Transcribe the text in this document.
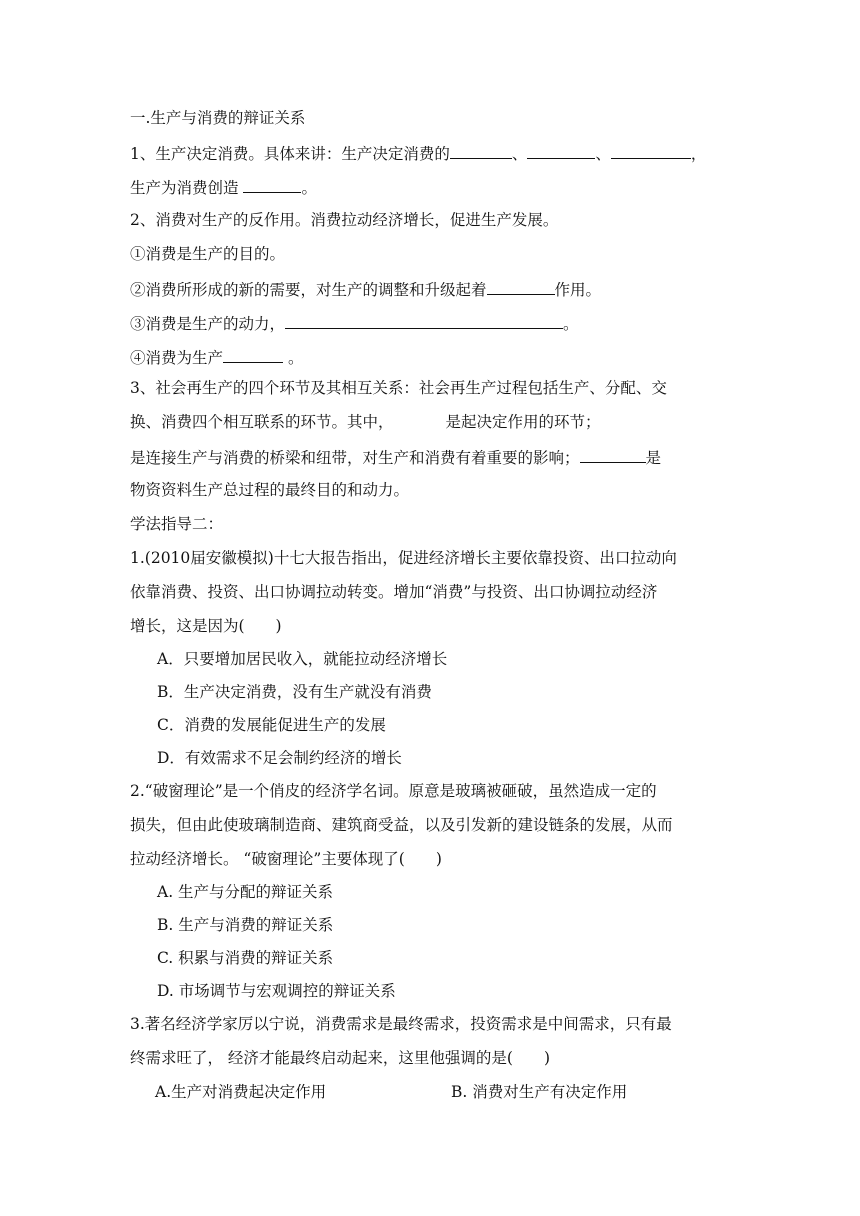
一.生产与消费的辩证关系
1、生产决定消费。具体来讲：生产决定消费的	、	、	，
生产为消费创造	。
2、消费对生产的反作用。消费拉动经济增长，促进生产发展。
①消费是生产的目的。
②消费所形成的新的需要，对生产的调整和升级起着	作用。
③消费是生产的动力，	。
④消费为生产	。
3、社会再生产的四个环节及其相互关系：社会再生产过程包括生产、分配、交
换、消费四个相互联系的环节。其中，	是起决定作用的环节；
是连接生产与消费的桥梁和纽带，对生产和消费有着重要的影响；	是
物资资料生产总过程的最终目的和动力。
学法指导二：
1.(2010届安徽模拟)十七大报告指出，促进经济增长主要依靠投资、出口拉动向
依靠消费、投资、出口协调拉动转变。增加“消费”与投资、出口协调拉动经济
增长，这是因为(　　)
A．只要增加居民收入，就能拉动经济增长
B．生产决定消费，没有生产就没有消费
C．消费的发展能促进生产的发展
D．有效需求不足会制约经济的增长
2.“破窗理论”是一个俏皮的经济学名词。原意是玻璃被砸破，虽然造成一定的
损失，但由此使玻璃制造商、建筑商受益，以及引发新的建设链条的发展，从而
拉动经济增长。 “破窗理论”主要体现了(　　)
A. 生产与分配的辩证关系
B. 生产与消费的辩证关系
C. 积累与消费的辩证关系
D. 市场调节与宏观调控的辩证关系
3.著名经济学家厉以宁说，消费需求是最终需求，投资需求是中间需求，只有最
终需求旺了， 经济才能最终启动起来，这里他强调的是(　　)
A.生产对消费起决定作用	B. 消费对生产有决定作用
